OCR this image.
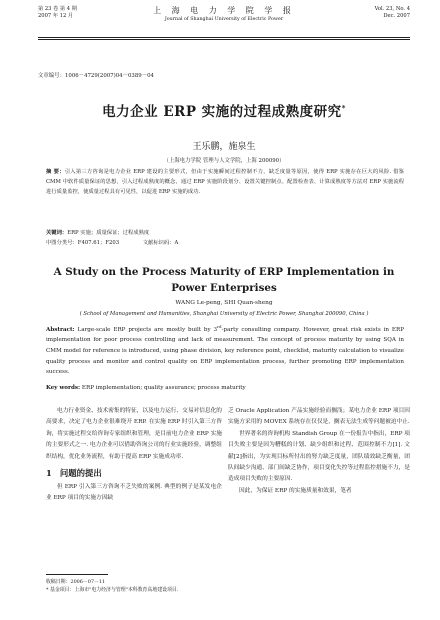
第 23 卷 第 4 期
2007 年 12 月
上 海 电 力 学 院 学 报
Journal of Shanghai University of Electric Power
Vol. 23, No. 4
Dec. 2007
文章编号：1006－4729(2007)04－0389－04
电力企业 ERP 实施的过程成熟度研究*
王乐鹏，施泉生
（上海电力学院 管理与人文学院，上海 200090）
摘 要：引入第三方咨询是电力企业 ERP 建设的主要形式，但由于实施瞬间过程控制不力，缺乏度量等原因，使得 ERP 实施存在巨大的风险. 借鉴 CMM 中软件质量保证的思想，引入过程成熟度的概念，通过 ERP 实施阶段划分、设置关键控制点、配置检查表、计算成熟度等方法对 ERP 实施流程进行质量监控，使质量过程具有可见性，以促进 ERP 实施的成功.
关键词：ERP 实施；质量保证；过程成熟度
中图分类号：F407.61；F203	文献标识码：A
A Study on the Process Maturity of ERP Implementation in Power Enterprises
WANG Le-peng, SHI Quan-sheng
( School of Management and Humanities, Shanghai University of Electric Power, Shanghai 200090, China )
Abstract: Large-scale ERP projects are mostly built by 3rd-party consulting company. However, great risk exists in ERP implementation for poor process controlling and lack of measurement. The concept of process maturity by using SQA in CMM model for reference is introduced, using phase division, key reference point, checklist, maturity calculation to visualize quality process and monitor and control quality on ERP implementation process, further promoting ERP implementation success.
Key words: ERP implementation; quality assurance; process maturity

电力行业资金、技术密集的特征，以及电力运行、交易对信息化的高要求，决定了电力企业很难绕开 ERP. 在实施 ERP 时引入第三方咨询，将实施过程交给咨询专家组织和管理，是目前电力企业 ERP 实施的主要形式之一. 电力企业可以借助咨询公司的行业实施经验，调整组织结构，优化业务流程，有助于提高 ERP 实施成功率.

1 问题的提出

但 ERP 引入第三方咨询不乏失败的案例. 典型的例子是某发电企业 ERP 项目的实施方因缺

乏 Oracle Application 产品实施经验而搁浅；某电力企业 ERP 项目因实施方采用的 MOVEX 系统存在仅仅是，搁表无法生成等问题被迫中止.

世界著名的咨询机构 Standish Group 在一份报告中指出，ERP 项目失败主要是因为糟糕的计划、缺少组织和过程、范围控制不力[1]. 文献[2]指出，为实现目标所付出的努力缺乏度量，团队绩效缺乏衡量，团队间缺少沟通、部门间缺乏协作，项目变化失控等过程监控措施不力，是造成项目失败的主要原因.

因此，为保证 ERP 的实施质量和效果，笔者

收稿日期：2006－07－11
* 基金项目：上海市"电力经济与管理"本科教育高地建设项目.
